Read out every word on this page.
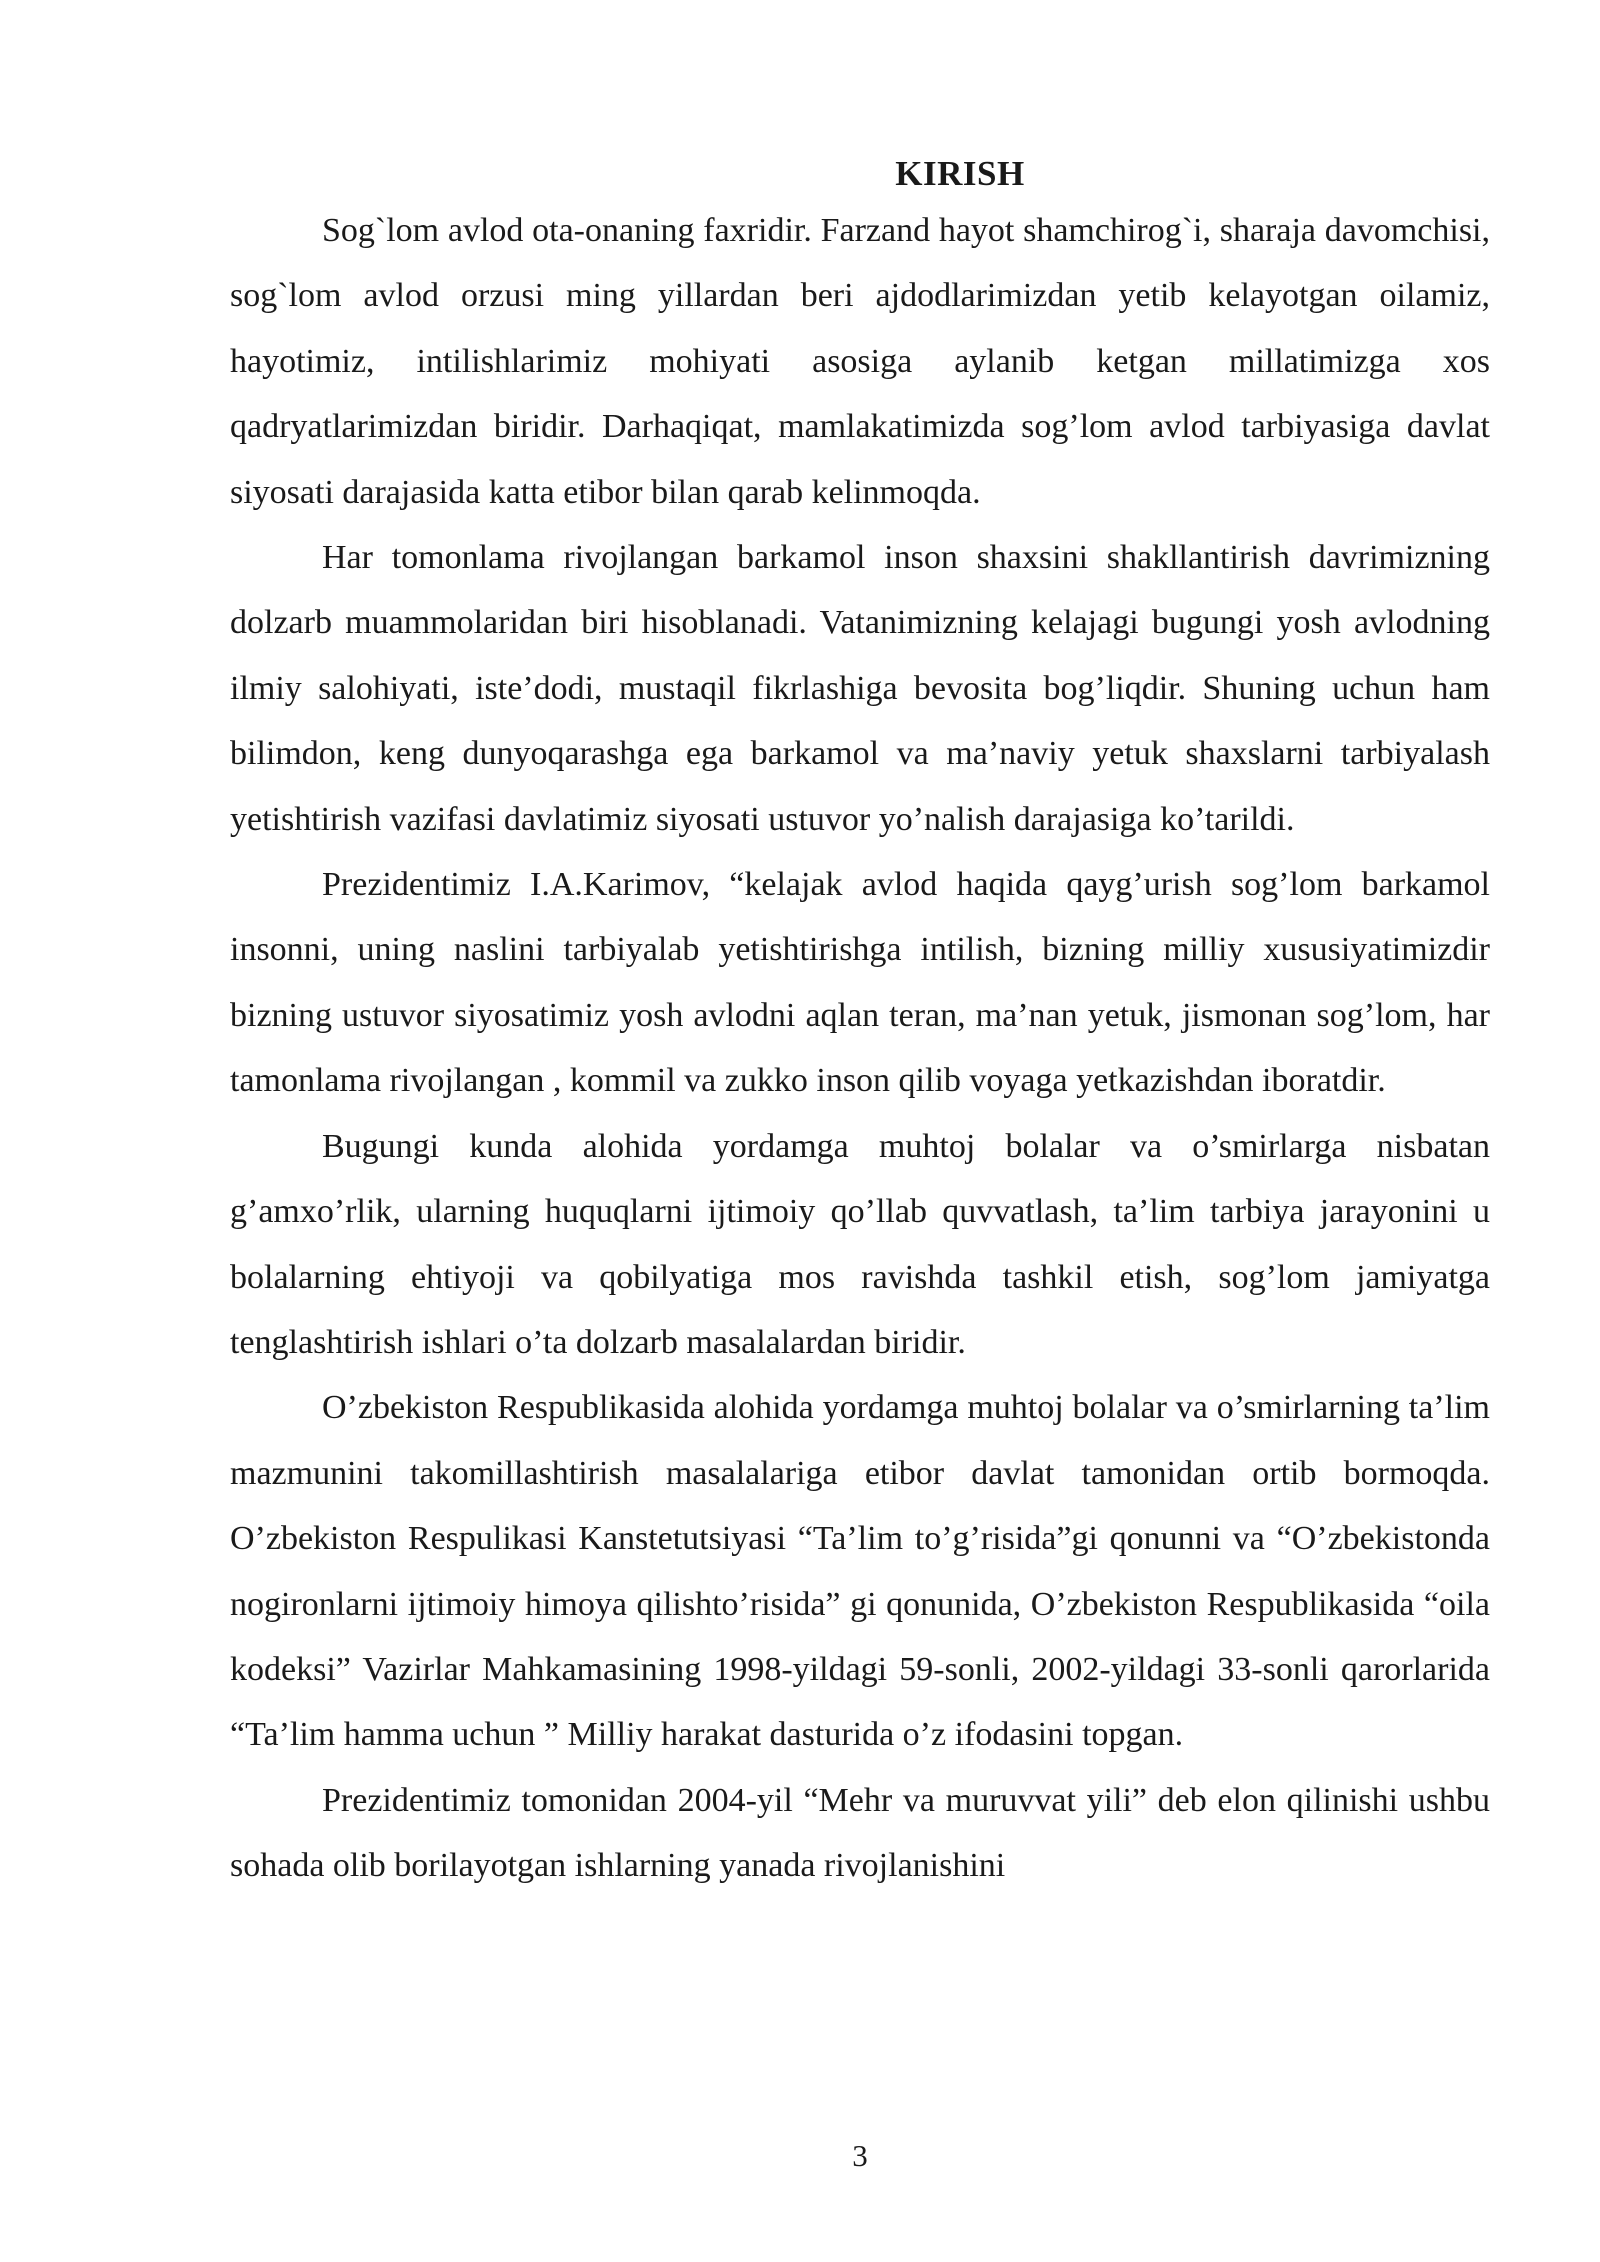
KIRISH

Sog`lom avlod ota-onaning faxridir. Farzand hayot shamchirog`i, sharaja davomchisi, sog`lom avlod orzusi ming yillardan beri ajdodlarimizdan yetib kelayotgan oilamiz, hayotimiz, intilishlarimiz mohiyati asosiga aylanib ketgan millatimizga xos qadryatlarimizdan biridir. Darhaqiqat, mamlakatimizda sog’lom avlod tarbiyasiga davlat siyosati darajasida katta etibor bilan qarab kelinmoqda.

Har tomonlama rivojlangan barkamol inson shaxsini shakllantirish davrimizning dolzarb muammolaridan biri hisoblanadi. Vatanimizning kelajagi bugungi yosh avlodning ilmiy salohiyati, iste’dodi, mustaqil fikrlashiga bevosita bog’liqdir. Shuning uchun ham bilimdon, keng dunyoqarashga ega barkamol va ma’naviy yetuk shaxslarni tarbiyalash yetishtirish vazifasi davlatimiz siyosati ustuvor yo’nalish darajasiga ko’tarildi.

Prezidentimiz I.A.Karimov, “kelajak avlod haqida qayg’urish sog’lom barkamol insonni, uning naslini tarbiyalab yetishtirishga intilish, bizning milliy xususiyatimizdir bizning ustuvor siyosatimiz yosh avlodni aqlan teran, ma’nan yetuk, jismonan sog’lom, har tamonlama rivojlangan , kommil va zukko inson qilib voyaga yetkazishdan iboratdir.

Bugungi kunda alohida yordamga muhtoj bolalar va o’smirlarga nisbatan g’amxo’rlik, ularning huquqlarni ijtimoiy qo’llab quvvatlash, ta’lim tarbiya jarayonini u bolalarning ehtiyoji va qobilyatiga mos ravishda tashkil etish, sog’lom jamiyatga tenglashtirish ishlari o’ta dolzarb masalalardan biridir.

O’zbekiston Respublikasida alohida yordamga muhtoj bolalar va o’smirlarning ta’lim mazmunini takomillashtirish masalalariga etibor davlat tamonidan ortib bormoqda. O’zbekiston Respulikasi Kanstetutsiyasi “Ta’lim to’g’risida”gi qonunni va “O’zbekistonda nogironlarni ijtimoiy himoya qilishto’risida” gi qonunida, O’zbekiston Respublikasida “oila kodeksi” Vazirlar Mahkamasining 1998-yildagi 59-sonli, 2002-yildagi 33-sonli qarorlarida “Ta’lim hamma uchun ” Milliy harakat dasturida o’z ifodasini topgan.

Prezidentimiz tomonidan 2004-yil “Mehr va muruvvat yili” deb elon qilinishi ushbu sohada olib borilayotgan ishlarning yanada rivojlanishini

3
